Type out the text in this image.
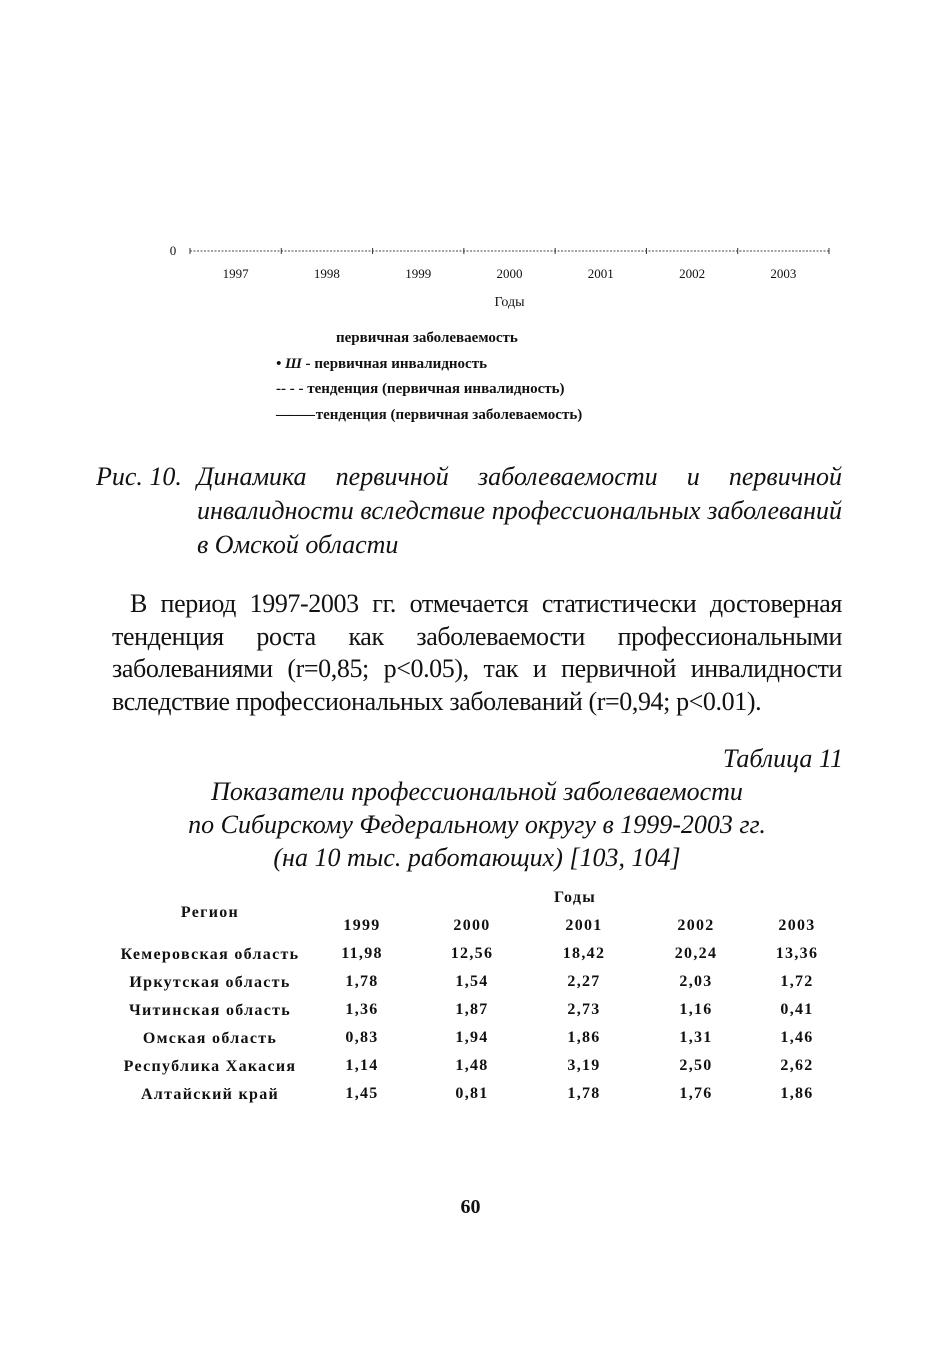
0
1997	1998	1999	2000	2001	2002	2003
Годы
первичная заболеваемость
• Ш - первичная инвалидность
-- - - тенденция (первичная инвалидность)
——— тенденция (первичная заболеваемость)
Рис. 10. Динамика первичной заболеваемости и первичной инвалидности вследствие профессиональных заболеваний в Омской области
В период 1997-2003 гг. отмечается статистически достоверная тенденция роста как заболеваемости профессиональными заболеваниями (r=0,85; p<0.05), так и первичной инвалидности вследствие профессиональных заболеваний (r=0,94; p<0.01).
Таблица 11
Показатели профессиональной заболеваемости
по Сибирскому Федеральному округу в 1999-2003 гг.
(на 10 тыс. работающих) [103, 104]
Регион	Годы				
	1999	2000	2001	2002	2003
Кемеровская область	11,98	12,56	18,42	20,24	13,36
Иркутская область	1,78	1,54	2,27	2,03	1,72
Читинская область	1,36	1,87	2,73	1,16	0,41
Омская область	0,83	1,94	1,86	1,31	1,46
Республика Хакасия	1,14	1,48	3,19	2,50	2,62
Алтайский край	1,45	0,81	1,78	1,76	1,86
60
